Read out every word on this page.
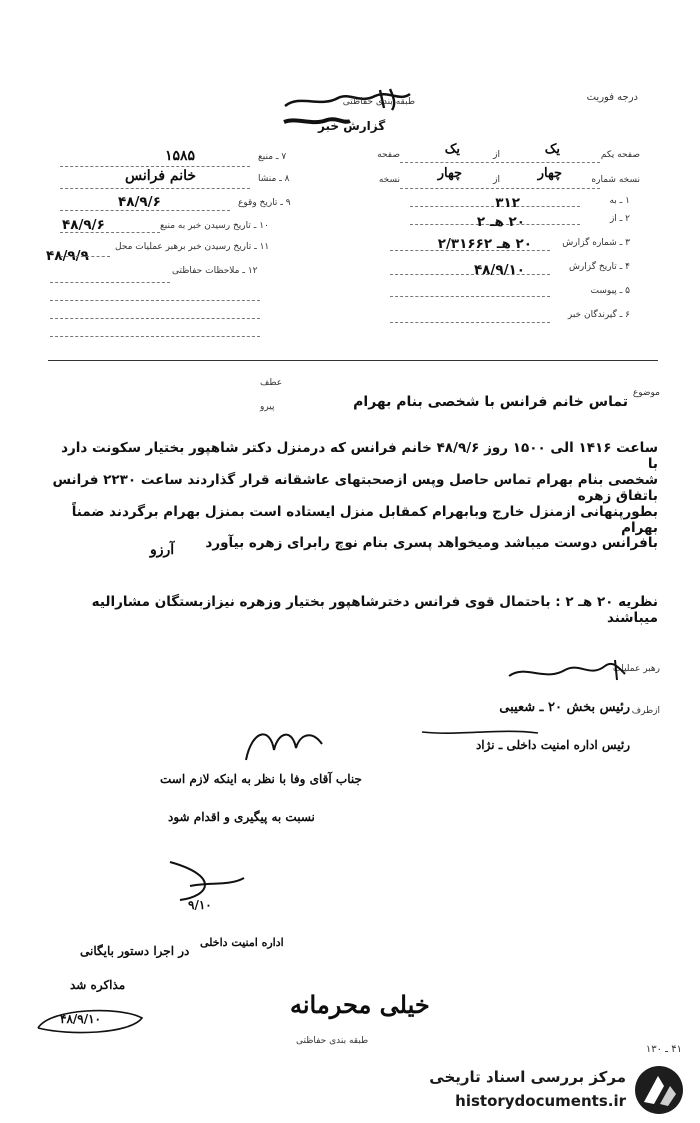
درجه فوریت
طبقه بندی حفاظتی
گزارش خبر
صفحه یکم
یک
از
یک
صفحه
نسخه شماره
چهار
از
چهار
نسخه
۱ ـ به
۲ ـ از
۳۱۲
۳ ـ شماره گزارش
۲۰ هـ ۲
۴ ـ تاریخ گزارش
۲۰ هـ ۲/۳۱۶۶۲
۵ ـ پیوست
۴۸/۹/۱۰
۶ ـ گیرندگان خبر
۷ ـ منبع
۱۵۸۵
۸ ـ منشا
خانم فرانس
۹ ـ تاریخ وقوع
۴۸/۹/۶
۱۰ ـ تاریخ رسیدن خبر به منبع
۴۸/۹/۶
۱۱ ـ تاریخ رسیدن خبر برهبر عملیات محل
۴۸/۹/۹
۱۲ ـ ملاحظات حفاظتی
موضوع
عطف
پیرو	تماس خانم فرانس با شخصی بنام بهرام
ساعت ۱۴۱۶ الی ۱۵۰۰ روز ۴۸/۹/۶ خانم فرانس که درمنزل دکتر شاهپور بختیار سکونت دارد با
شخصی بنام بهرام تماس حاصل وپس ازصحبتهای عاشقانه قرار گذاردند ساعت ۲۲۳۰ فرانس باتفاق زهره
بطورپنهانی ازمنزل خارج وبابهرام کمقابل منزل ایستاده است بمنزل بهرام برگردند ضمناً بهرام
بافرانس دوست میباشد ومیخواهد پسری بنام نوچ رابرای زهره بیآورد
آرزو
نظریه ۲۰ هـ ۲ : باحتمال قوی فرانس دخترشاهپور بختیار وزهره نیزازبستگان مشارالیه میباشند
رهبر عملیات
ازطرف
رئیس بخش ۲۰ ـ شعیبی
رئیس اداره امنیت داخلی ـ نژاد
جناب آقای وفا با نظر به اینکه لازم است
نسبت به پیگیری و اقدام شود
۹/۱۰
در اجرا دستور بایگانی
اداره امنیت داخلی
مذاکره شد
۴۸/۹/۱۰	خیلی محرمانه
طبقه بندی حفاظتی
۴۱ ـ ۱۳۰
مرکز بررسی اسناد تاریخی
historydocuments.ir
